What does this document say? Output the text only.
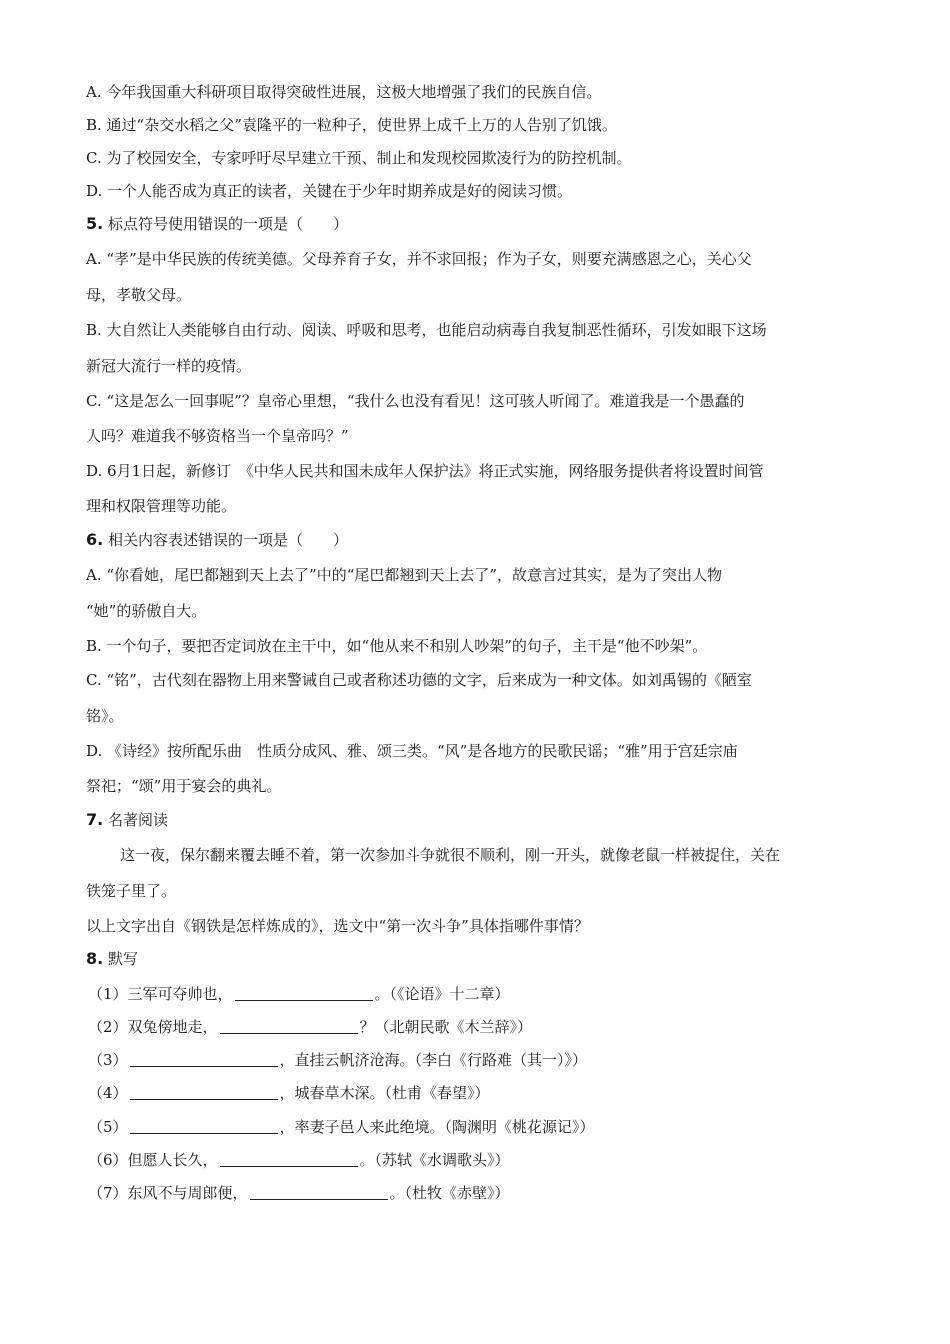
A. 今年我国重大科研项目取得突破性进展，这极大地增强了我们的民族自信。
B. 通过“杂交水稻之父”袁隆平的一粒种子，使世界上成千上万的人告别了饥饿。
C. 为了校园安全，专家呼吁尽早建立干预、制止和发现校园欺凌行为的防控机制。
D. 一个人能否成为真正的读者，关键在于少年时期养成是好的阅读习惯。
5. 标点符号使用错误的一项是（　　）
A. “孝”是中华民族的传统美德。父母养育子女，并不求回报；作为子女，则要充满感恩之心，关心父
母，孝敬父母。
B. 大自然让人类能够自由行动、阅读、呼吸和思考，也能启动病毒自我复制恶性循环，引发如眼下这场
新冠大流行一样的疫情。
C. “这是怎么一回事呢”？皇帝心里想，“我什么也没有看见！这可骇人听闻了。难道我是一个愚蠢的
人吗？难道我不够资格当一个皇帝吗？”
D. 6月1日起，新修订　《中华人民共和国未成年人保护法》将正式实施，网络服务提供者将设置时间管
理和权限管理等功能。
6. 相关内容表述错误的一项是（　　）
A. “你看她，尾巴都翘到天上去了”中的“尾巴都翘到天上去了”，故意言过其实，是为了突出人物
“她”的骄傲自大。
B. 一个句子，要把否定词放在主干中，如“他从来不和别人吵架”的句子，主干是“他不吵架”。
C. “铭”，古代刻在器物上用来警诫自己或者称述功德的文字，后来成为一种文体。如刘禹锡的《陋室
铭》。
D. 《诗经》按所配乐曲　性质分成风、雅、颂三类。“风”是各地方的民歌民谣；“雅”用于宫廷宗庙
祭祀；“颂”用于宴会的典礼。
7. 名著阅读
这一夜，保尔翻来覆去睡不着，第一次参加斗争就很不顺利，刚一开头，就像老鼠一样被捉住，关在
铁笼子里了。
以上文字出自《钢铁是怎样炼成的》，选文中“第一次斗争”具体指哪件事情？
8. 默写
（1）三军可夺帅也，	。（《论语》十二章）
（2）双兔傍地走，	？（北朝民歌《木兰辞》）
（3）	，直挂云帆济沧海。（李白《行路难（其一）》）
（4）	，城春草木深。（杜甫《春望》）
（5）	，率妻子邑人来此绝境。（陶渊明《桃花源记》）
（6）但愿人长久，	。（苏轼《水调歌头》）
（7）东风不与周郎便，	。（杜牧《赤壁》）
